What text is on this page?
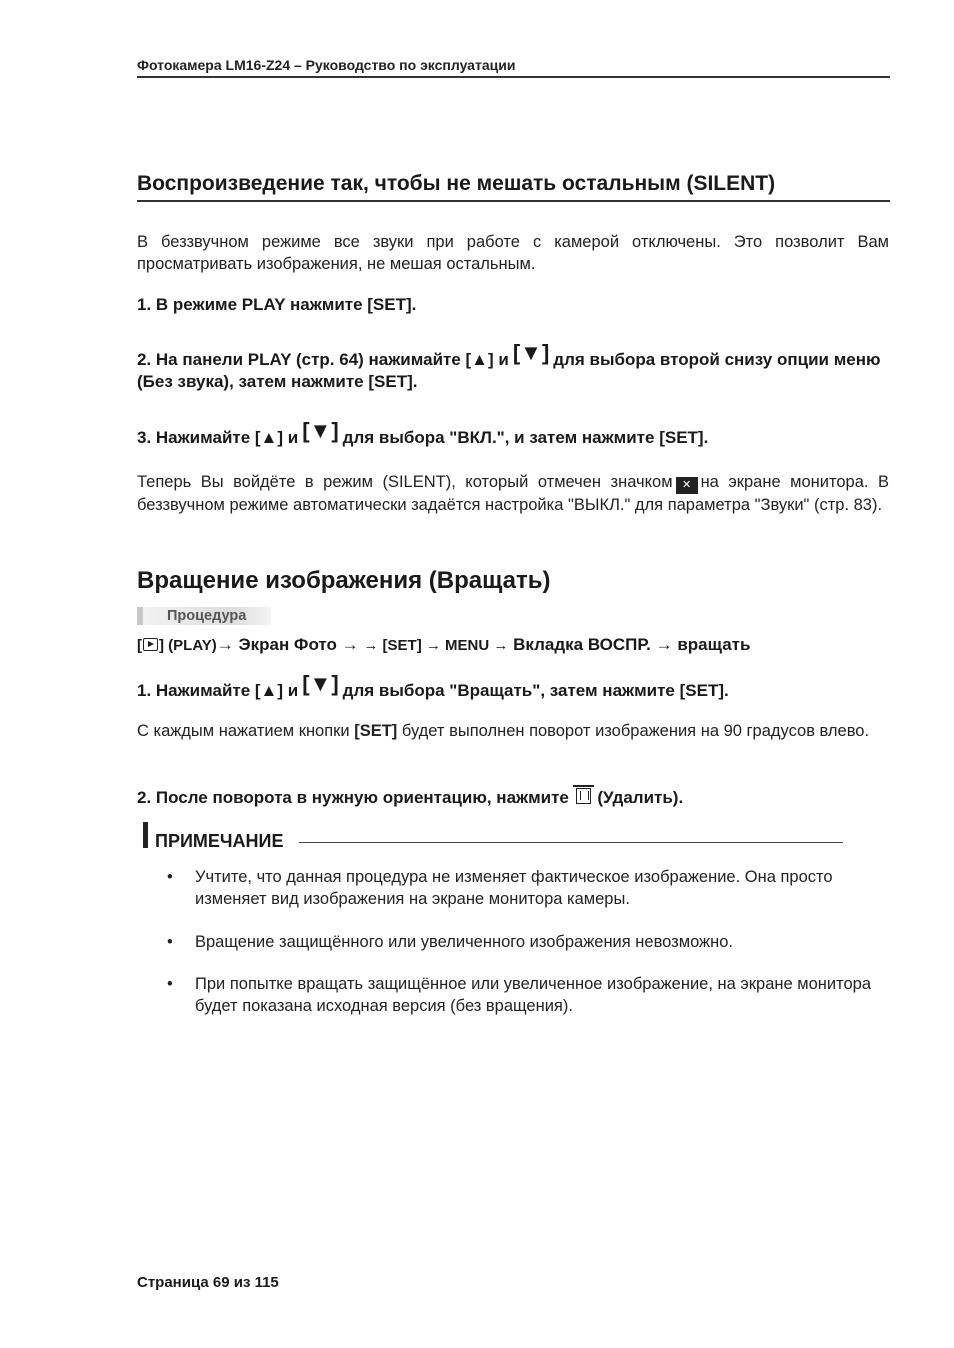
Фотокамера LM16-Z24 – Руководство по эксплуатации
Воспроизведение так, чтобы не мешать остальным (SILENT)
В беззвучном режиме все звуки при работе с камерой отключены. Это позволит Вам просматривать изображения, не мешая остальным.
1. В режиме PLAY нажмите [SET].
2. На панели PLAY (стр. 64) нажимайте [▲] и [▼] для выбора второй снизу опции меню (Без звука), затем нажмите [SET].
3. Нажимайте [▲] и [▼] для выбора "ВКЛ.", и затем нажмите [SET].
Теперь Вы войдёте в режим (SILENT), который отмечен значком ✕ на экране монитора. В беззвучном режиме автоматически задаётся настройка "ВЫКЛ." для параметра "Звуки" (стр. 83).
Вращение изображения (Вращать)
Процедура
[ ] (PLAY)→ Экран Фото → → [SET] → MENU → Вкладка ВОСПР. → вращать
1. Нажимайте [▲] и [▼] для выбора "Вращать", затем нажмите [SET].
С каждым нажатием кнопки [SET] будет выполнен поворот изображения на 90 градусов влево.
2. После поворота в нужную ориентацию, нажмите (Удалить).
ПРИМЕЧАНИЕ
• Учтите, что данная процедура не изменяет фактическое изображение. Она просто изменяет вид изображения на экране монитора камеры.
• Вращение защищённого или увеличенного изображения невозможно.
• При попытке вращать защищённое или увеличенное изображение, на экране монитора будет показана исходная версия (без вращения).
Страница 69 из 115
